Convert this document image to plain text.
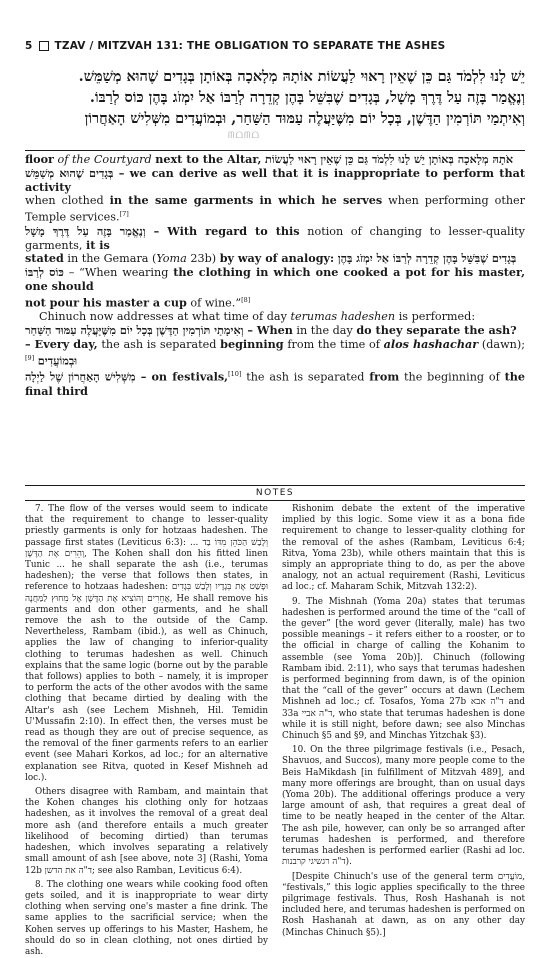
5 TZAV / MITZVAH 131: THE OBLIGATION TO SEPARATE THE ASHES
יֵשׁ לָנוּ לִלְמֹד גַּם כֵּן שֶׁאֵין רָאוּי לַעֲשׂוֹת אוֹתָהּ מְלָאכָה בְּאוֹתָן בְּגָדִים שֶׁהוּא מְשַׁמֵּשׁ.
וְנֶאֱמַר בָּזֶה עַל דֶּרֶךְ מָשָׁל, בְּגָדִים שֶׁבִּשֵּׁל בָּהֶן קְדֵרָה לְרַבּוֹ אַל יִמְזֹג בָּהֶן כּוֹס לְרַבּוֹ.
וְאִיתְמַי תּוֹרְמִין הַדֶּשֶׁן, בְּכָל יוֹם מִשֶּׁיַּעֲלֶה עַמּוּד הַשַּׁחַר, וּבְמוֹעֲדִים מִשְּׁלִישׁ הָאַחֲרוֹן
ᗰᗝᗰᗝ

floor of the Courtyard next to the Altar, אֹתָהּ מְלָאכָה בְּאוֹתָן יֵשׁ לָנוּ לִלְמֹד גַּם כֵּן שֶׁאֵין רָאוּי לַעֲשׂוֹת

בְּגָדִים שֶׁהוּא מְשַׁמֵּשׁ – we can derive as well that it is inappropriate to perform that activity

when clothed in the same garments in which he serves when performing other Temple services.[7]

וְנֶאֱמַר בָּזֶה עַל דֶּרֶךְ מָשָׁל – With regard to this notion of changing to lesser-quality garments, it is

stated in the Gemara (Yoma 23b) by way of analogy: בְּגָדִים שֶׁבִּשֵּׁל בָּהֶן קְדֵרָה לְרַבּוֹ אַל יִמְזֹג בָּהֶן

כּוֹס לְרַבּוֹ – “When wearing the clothing in which one cooked a pot for his master, one should

not pour his master a cup of wine.”[8]

Chinuch now addresses at what time of day terumas hadeshen is performed:

בְּכָל יוֹם מִשֶּׁיַּעֲלֶה עַמּוּד הַשַּׁחַר וְאִימָתַי תּוֹרְמִין הַדֶּשֶׁן – When in the day do they separate the ash?

– Every day, the ash is separated beginning from the time of alos hashachar (dawn);[9] וּבְמוֹעֲדִים

מִשְּׁלִישׁ הָאַחֲרוֹן שֶׁל לַיְלָה – on festivals,[10] the ash is separated from the beginning of the final third

NOTES

7. The flow of the verses would seem to indicate that the requirement to change to lesser-quality priestly garments is only for hotzaas hadeshen. The passage first states (Leviticus 6:3): וְלָבַשׁ הַכֹּהֵן מִדּוֹ בַד ... וְהֵרִים אֶת הַדֶּשֶׁן, The Kohen shall don his fitted linen Tunic ... he shall separate the ash (i.e., terumas hadeshen); the verse that follows then states, in reference to hotzaas hadeshen: וּפָשַׁט אֶת בְּגָדָיו וְלָבַשׁ בְּגָדִים אֲחֵרִים וְהוֹצִיא אֶת הַדֶּשֶׁן אֶל מִחוּץ לַמַּחֲנֶה, He shall remove his garments and don other garments, and he shall remove the ash to the outside of the Camp. Nevertheless, Rambam (ibid.), as well as Chinuch, applies the law of changing to inferior-quality clothing to terumas hadeshen as well. Chinuch explains that the same logic (borne out by the parable that follows) applies to both – namely, it is improper to perform the acts of the other avodos with the same clothing that became dirtied by dealing with the Altar's ash (see Lechem Mishneh, Hil. Temidin U'Mussafin 2:10). In effect then, the verses must be read as though they are out of precise sequence, as the removal of the finer garments refers to an earlier event (see Mahari Korkos, ad loc.; for an alternative explanation see Ritva, quoted in Kesef Mishneh ad loc.).

Others disagree with Rambam, and maintain that the Kohen changes his clothing only for hotzaas hadeshen, as it involves the removal of a great deal more ash (and therefore entails a much greater likelihood of becoming dirtied) than terumas hadeshen, which involves separating a relatively small amount of ash [see above, note 3] (Rashi, Yoma 12b ד"ה את הדשן; see also Ramban, Leviticus 6:4).

8. The clothing one wears while cooking food often gets soiled, and it is inappropriate to wear dirty clothing when serving one's master a fine drink. The same applies to the sacrificial service; when the Kohen serves up offerings to his Master, Hashem, he should do so in clean clothing, not ones dirtied by ash.

Rishonim debate the extent of the imperative implied by this logic. Some view it as a bona fide requirement to change to lesser-quality clothing for the removal of the ashes (Rambam, Leviticus 6:4; Ritva, Yoma 23b), while others maintain that this is simply an appropriate thing to do, as per the above analogy, not an actual requirement (Rashi, Leviticus ad loc.; cf. Maharam Schik, Mitzvah 132:2).

9. The Mishnah (Yoma 20a) states that terumas hadeshen is performed around the time of the “call of the gever” [the word gever (literally, male) has two possible meanings – it refers either to a rooster, or to the official in charge of calling the Kohanim to assemble (see Yoma 20b)]. Chinuch (following Rambam ibid. 2:11), who says that terumas hadeshen is performed beginning from dawn, is of the opinion that the “call of the gever” occurs at dawn (Lechem Mishneh ad loc.; cf. Tosafos, Yoma 27b ד"ה אבא and 33a ד"ה אביי, who state that terumas hadeshen is done while it is still night, before dawn; see also Minchas Chinuch §5 and §9, and Minchas Yitzchak §3).

10. On the three pilgrimage festivals (i.e., Pesach, Shavuos, and Succos), many more people come to the Beis HaMikdash [in fulfillment of Mitzvah 489], and many more offerings are brought, than on usual days (Yoma 20b). The additional offerings produce a very large amount of ash, that requires a great deal of time to be neatly heaped in the center of the Altar. The ash pile, however, can only be so arranged after terumas hadeshen is performed, and therefore terumas hadeshen is performed earlier (Rashi ad loc. ד"ה רגשיגי קרבנות).

[Despite Chinuch's use of the general term מוֹעֲדִים, “festivals,” this logic applies specifically to the three pilgrimage festivals. Thus, Rosh Hashanah is not included here, and terumas hadeshen is performed on Rosh Hashanah at dawn, as on any other day (Minchas Chinuch §5).]
